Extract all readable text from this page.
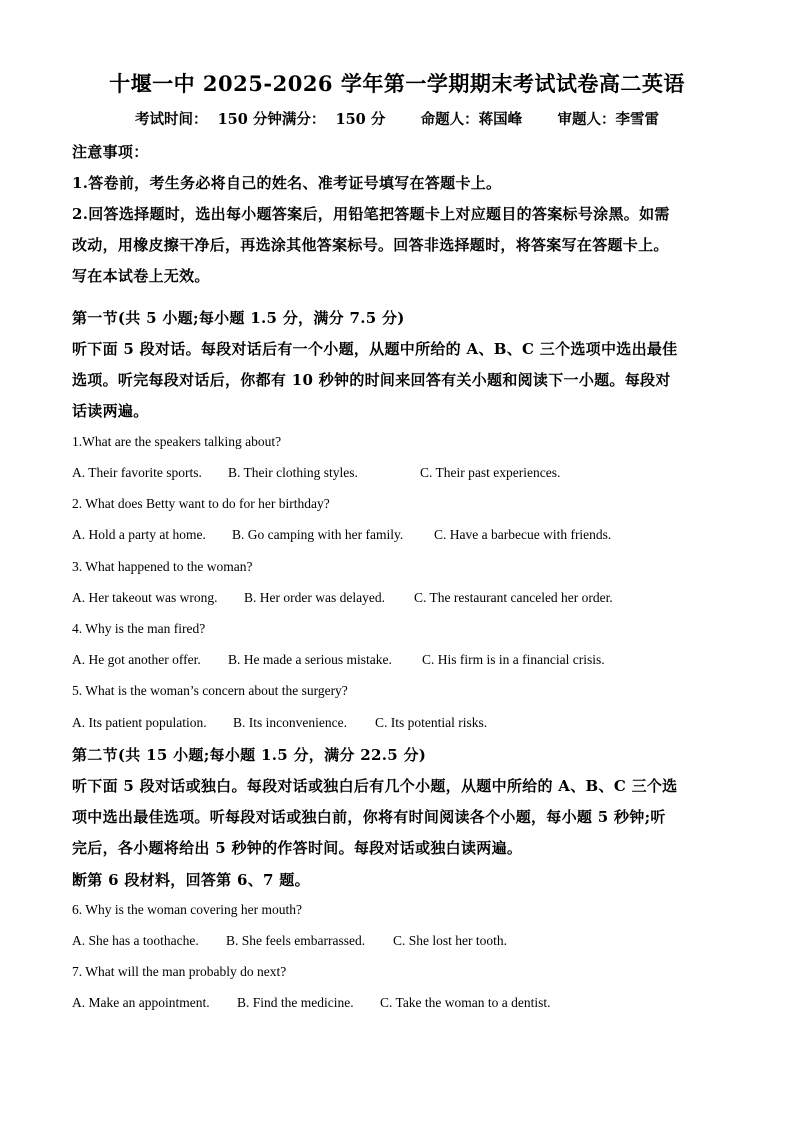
十堰一中 2025-2026 学年第一学期期末考试试卷高二英语
考试时间：  150 分钟满分：  150 分       命题人：蒋国峰       审题人：李雪雷
注意事项：
1.答卷前，考生务必将自己的姓名、准考证号填写在答题卡上。
2.回答选择题时，选出每小题答案后，用铅笔把答题卡上对应题目的答案标号涂黑。如需
改动，用橡皮擦干净后，再选涂其他答案标号。回答非选择题时，将答案写在答题卡上。
写在本试卷上无效。
第一节(共 5 小题;每小题 1.5 分，满分 7.5 分)
听下面 5 段对话。每段对话后有一个小题，从题中所给的 A、B、C 三个选项中选出最佳
选项。听完每段对话后，你都有 10 秒钟的时间来回答有关小题和阅读下一小题。每段对
话读两遍。
1.What are the speakers talking about?
A. Their favorite sports. B. Their clothing styles.	C. Their past experiences.
2. What does Betty want to do for her birthday?
A. Hold a party at home. B. Go camping with her family. C. Have a barbecue with friends.
3. What happened to the woman?
A. Her takeout was wrong. B. Her order was delayed. C. The restaurant canceled her order.
4. Why is the man fired?
A. He got another offer. B. He made a serious mistake. C. His firm is in a financial crisis.
5. What is the woman’s concern about the surgery?
A. Its patient population. B. Its inconvenience. C. Its potential risks.
第二节(共 15 小题;每小题 1.5 分，满分 22.5 分)
听下面 5 段对话或独白。每段对话或独白后有几个小题，从题中所给的 A、B、C 三个选
项中选出最佳选项。听每段对话或独白前，你将有时间阅读各个小题，每小题 5 秒钟;听
完后，各小题将给出 5 秒钟的作答时间。每段对话或独白读两遍。
断第 6 段材料，回答第 6、7 题。
6. Why is the woman covering her mouth?
A. She has a toothache. B. She feels embarrassed. C. She lost her tooth.
7. What will the man probably do next?
A. Make an appointment. B. Find the medicine. C. Take the woman to a dentist.
